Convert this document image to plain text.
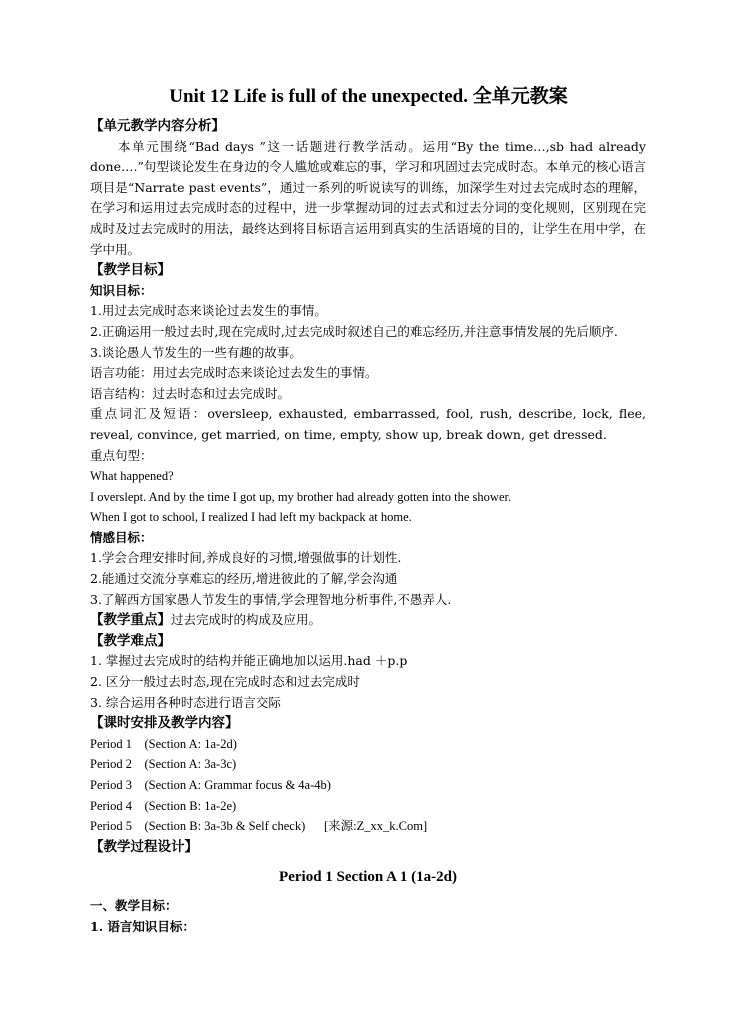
Unit 12 Life is full of the unexpected. 全单元教案

【单元教学内容分析】

本单元围绕“Bad days ”这一话题进行教学活动。运用“By the time…,sb had already done….”句型谈论发生在身边的令人尴尬或难忘的事，学习和巩固过去完成时态。本单元的核心语言项目是“Narrate past events”，通过一系列的听说读写的训练，加深学生对过去完成时态的理解，在学习和运用过去完成时态的过程中，进一步掌握动词的过去式和过去分词的变化规则，区别现在完成时及过去完成时的用法，最终达到将目标语言运用到真实的生活语境的目的，让学生在用中学，在学中用。

【教学目标】

知识目标：

1.用过去完成时态来谈论过去发生的事情。

2.正确运用一般过去时,现在完成时,过去完成时叙述自己的难忘经历,并注意事情发展的先后顺序.

3.谈论愚人节发生的一些有趣的故事。

语言功能：用过去完成时态来谈论过去发生的事情。

语言结构：过去时态和过去完成时。

重点词汇及短语：oversleep, exhausted, embarrassed, fool, rush, describe, lock, flee, reveal, convince, get married, on time, empty, show up, break down, get dressed.

重点句型：

What happened?

I overslept. And by the time I got up, my brother had already gotten into the shower.

When I got to school, I realized I had left my backpack at home.

情感目标：

1.学会合理安排时间,养成良好的习惯,增强做事的计划性.

2.能通过交流分享难忘的经历,增进彼此的了解,学会沟通

3.了解西方国家愚人节发生的事情,学会理智地分析事件,不愚弄人.

【教学重点】过去完成时的构成及应用。

【教学难点】

1. 掌握过去完成时的结构并能正确地加以运用.had ＋p.p

2. 区分一般过去时态,现在完成时态和过去完成时

3. 综合运用各种时态进行语言交际

【课时安排及教学内容】

Period 1 (Section A: 1a-2d)

Period 2 (Section A: 3a-3c)

Period 3 (Section A: Grammar focus & 4a-4b)

Period 4 (Section B: 1a-2e)

Period 5 (Section B: 3a-3b & Self check)      [来源:Z_xx_k.Com]

【教学过程设计】

Period 1 Section A 1 (1a-2d)

一、教学目标：

1. 语言知识目标：
